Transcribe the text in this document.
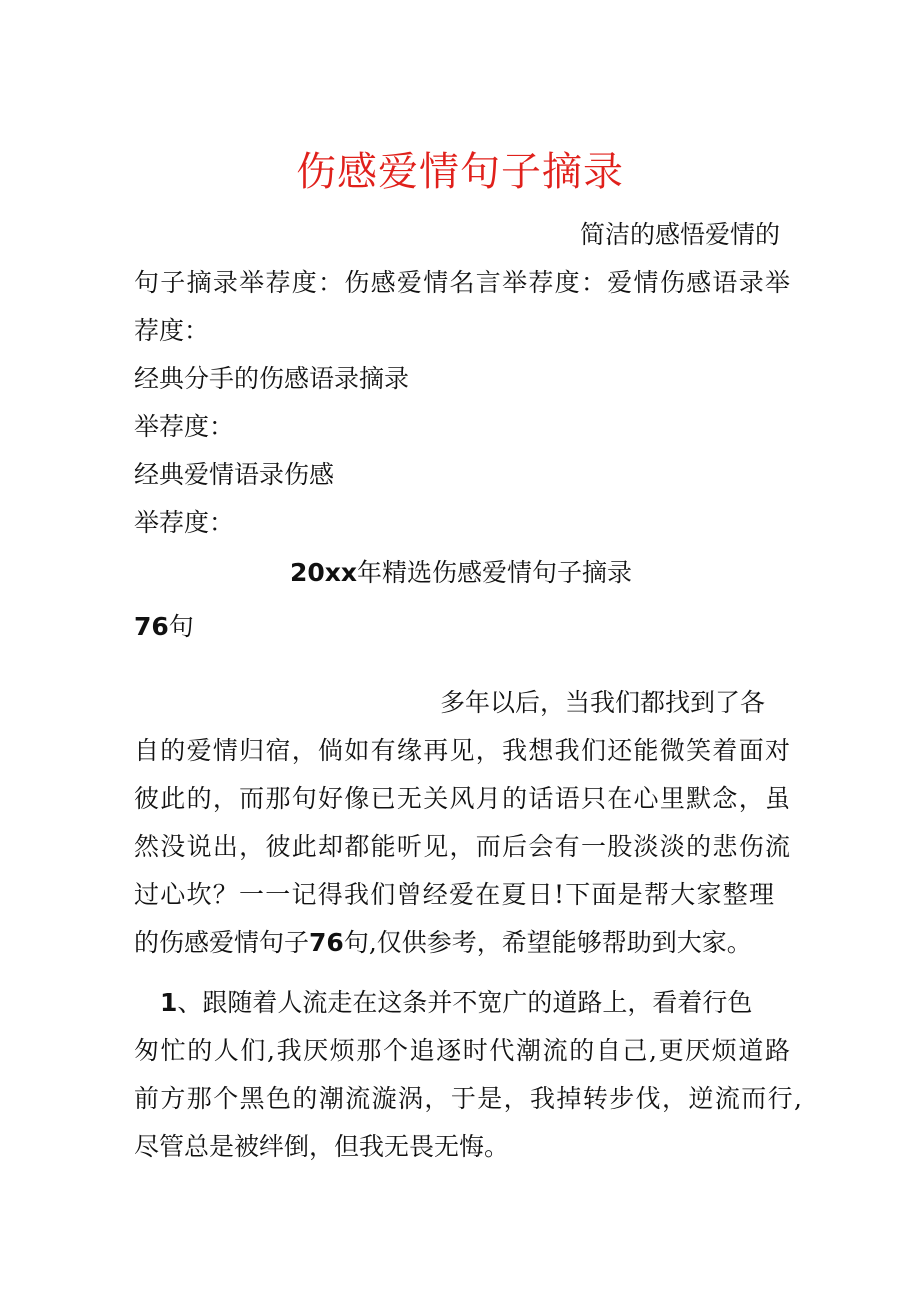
伤感爱情句子摘录
简洁的感悟爱情的
句子摘录举荐度：伤感爱情名言举荐度：爱情伤感语录举
荐度：
经典分手的伤感语录摘录
举荐度：
经典爱情语录伤感
举荐度：
20xx年精选伤感爱情句子摘录
76句
多年以后，当我们都找到了各
自的爱情归宿，倘如有缘再见，我想我们还能微笑着面对
彼此的，而那句好像已无关风月的话语只在心里默念，虽
然没说出，彼此却都能听见，而后会有一股淡淡的悲伤流
过心坎？一一记得我们曾经爱在夏日!下面是帮大家整理
的伤感爱情句子76句,仅供参考，希望能够帮助到大家。
1、跟随着人流走在这条并不宽广的道路上，看着行色
匆忙的人们,我厌烦那个追逐时代潮流的自己,更厌烦道路
前方那个黑色的潮流漩涡，于是，我掉转步伐，逆流而行,
尽管总是被绊倒，但我无畏无悔。
